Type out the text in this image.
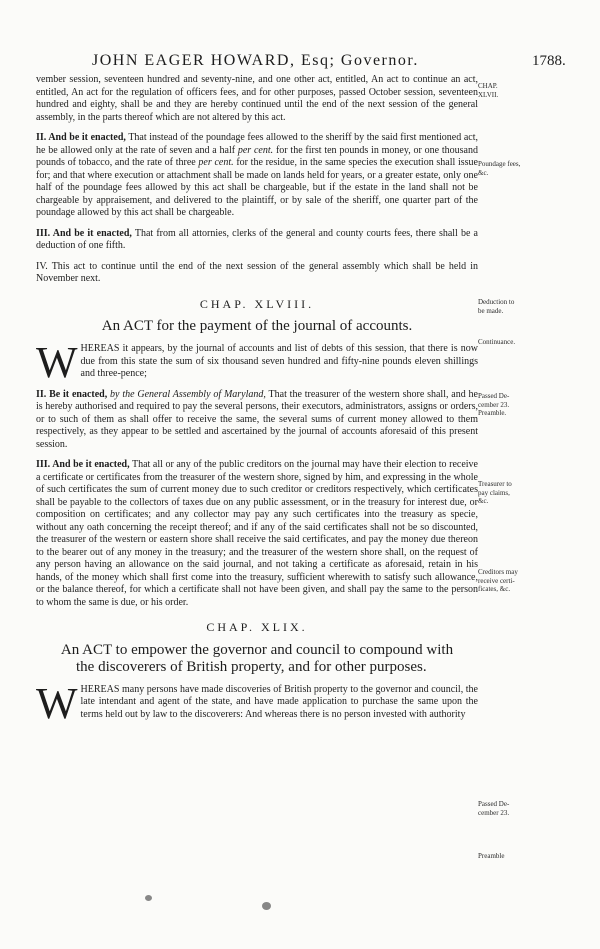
JOHN EAGER HOWARD, Esq; Governor.	1788.

vember session, seventeen hundred and seventy-nine, and one other act, entitled, An act to continue an act, entitled, An act for the regulation of officers fees, and for other purposes, passed October session, seventeen hundred and eighty, shall be and they are hereby continued until the end of the next session of the general assembly, in the parts thereof which are not altered by this act.

II. And be it enacted, That instead of the poundage fees allowed to the sheriff by the said first mentioned act, he be allowed only at the rate of seven and a half per cent. for the first ten pounds in money, or one thousand pounds of tobacco, and the rate of three per cent. for the residue, in the same species the execution shall issue for; and that where execution or attachment shall be made on lands held for years, or a greater estate, only one half of the poundage fees allowed by this act shall be chargeable, but if the estate in the land shall not be chargeable by appraisement, and delivered to the plaintiff, or by sale of the sheriff, one quarter part of the poundage allowed by this act shall be chargeable.

III. And be it enacted, That from all attornies, clerks of the general and county courts fees, there shall be a deduction of one fifth.

IV. This act to continue until the end of the next session of the general assembly which shall be held in November next.

CHAP. XLVIII.

An ACT for the payment of the journal of accounts.

WHEREAS it appears, by the journal of accounts and list of debts of this session, that there is now due from this state the sum of six thousand seven hundred and fifty-nine pounds eleven shillings and three-pence;

II. Be it enacted, by the General Assembly of Maryland, That the treasurer of the western shore shall, and he is hereby authorised and required to pay the several persons, their executors, administrators, assigns or orders, or to such of them as shall offer to receive the same, the several sums of current money allowed to them respectively, as they appear to be settled and ascertained by the journal of accounts aforesaid of this present session.

III. And be it enacted, That all or any of the public creditors on the journal may have their election to receive a certificate or certificates from the treasurer of the western shore, signed by him, and expressing in the whole of such certificates the sum of current money due to such creditor or creditors respectively, which certificates shall be payable to the collectors of taxes due on any public assessment, or in the treasury for interest due, or composition on certificates; and any collector may pay any such certificates into the treasury as specie, without any oath concerning the receipt thereof; and if any of the said certificates shall not be so discounted, the treasurer of the western or eastern shore shall receive the said certificates, and pay the money due thereon to the bearer out of any money in the treasury; and the treasurer of the western shore shall, on the request of any person having an allowance on the said journal, and not taking a certificate as aforesaid, retain in his hands, of the money which shall first come into the treasury, sufficient wherewith to satisfy such allowance, or the balance thereof, for which a certificate shall not have been given, and shall pay the same to the person to whom the same is due, or his order.

CHAP. XLIX.

An ACT to empower the governor and council to compound with
the discoverers of British property, and for other purposes.

WHEREAS many persons have made discoveries of British property to the governor and council, the late intendant and agent of the state, and have made application to purchase the same upon the terms held out by law to the discoverers: And whereas there is no person invested with authority

CHAP.
XLVII.
Poundage fees,
&c.
Deduction to
be made.
Continuance.
Passed De-
cember 23.
Preamble.
Treasurer to
pay claims,
&c.
Creditors may
receive certi-
ficates, &c.
Passed De-
cember 23.
Preamble
